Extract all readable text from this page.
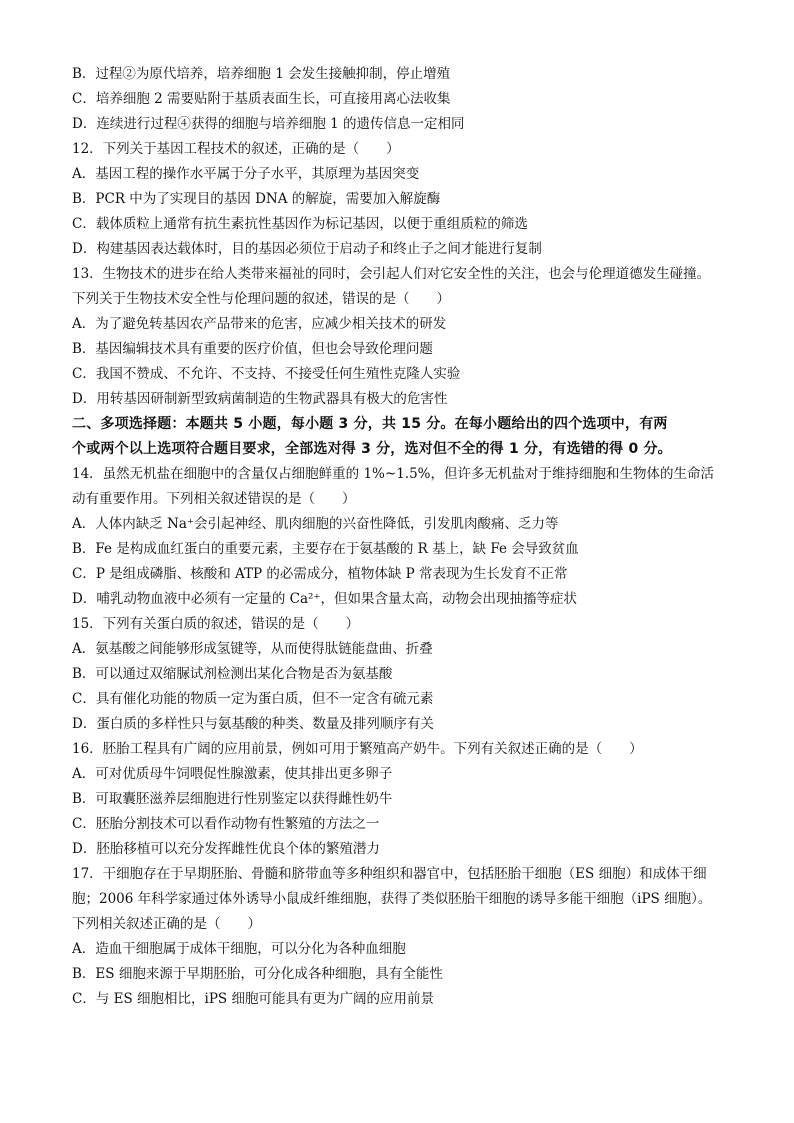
B．过程②为原代培养，培养细胞 1 会发生接触抑制，停止增殖
C．培养细胞 2 需要贴附于基质表面生长，可直接用离心法收集
D．连续进行过程④获得的细胞与培养细胞 1 的遗传信息一定相同
12．下列关于基因工程技术的叙述，正确的是（　　）
A．基因工程的操作水平属于分子水平，其原理为基因突变
B．PCR 中为了实现目的基因 DNA 的解旋，需要加入解旋酶
C．载体质粒上通常有抗生素抗性基因作为标记基因，以便于重组质粒的筛选
D．构建基因表达载体时，目的基因必须位于启动子和终止子之间才能进行复制
13．生物技术的进步在给人类带来福祉的同时，会引起人们对它安全性的关注，也会与伦理道德发生碰撞。
下列关于生物技术安全性与伦理问题的叙述，错误的是（　　）
A．为了避免转基因农产品带来的危害，应减少相关技术的研发
B．基因编辑技术具有重要的医疗价值，但也会导致伦理问题
C．我国不赞成、不允许、不支持、不接受任何生殖性克隆人实验
D．用转基因研制新型致病菌制造的生物武器具有极大的危害性
二、多项选择题：本题共 5 小题，每小题 3 分，共 15 分。在每小题给出的四个选项中，有两
个或两个以上选项符合题目要求，全部选对得 3 分，选对但不全的得 1 分，有选错的得 0 分。
14．虽然无机盐在细胞中的含量仅占细胞鲜重的 1%~1.5%，但许多无机盐对于维持细胞和生物体的生命活
动有重要作用。下列相关叙述错误的是（　　）
A．人体内缺乏 Na⁺会引起神经、肌肉细胞的兴奋性降低，引发肌肉酸痛、乏力等
B．Fe 是构成血红蛋白的重要元素，主要存在于氨基酸的 R 基上，缺 Fe 会导致贫血
C．P 是组成磷脂、核酸和 ATP 的必需成分，植物体缺 P 常表现为生长发育不正常
D．哺乳动物血液中必须有一定量的 Ca²⁺，但如果含量太高，动物会出现抽搐等症状
15．下列有关蛋白质的叙述，错误的是（　　）
A．氨基酸之间能够形成氢键等，从而使得肽链能盘曲、折叠
B．可以通过双缩脲试剂检测出某化合物是否为氨基酸
C．具有催化功能的物质一定为蛋白质，但不一定含有硫元素
D．蛋白质的多样性只与氨基酸的种类、数量及排列顺序有关
16．胚胎工程具有广阔的应用前景，例如可用于繁殖高产奶牛。下列有关叙述正确的是（　　）
A．可对优质母牛饲喂促性腺激素，使其排出更多卵子
B．可取囊胚滋养层细胞进行性别鉴定以获得雌性奶牛
C．胚胎分割技术可以看作动物有性繁殖的方法之一
D．胚胎移植可以充分发挥雌性优良个体的繁殖潜力
17．干细胞存在于早期胚胎、骨髓和脐带血等多种组织和器官中，包括胚胎干细胞（ES 细胞）和成体干细
胞；2006 年科学家通过体外诱导小鼠成纤维细胞，获得了类似胚胎干细胞的诱导多能干细胞（iPS 细胞）。
下列相关叙述正确的是（　　）
A．造血干细胞属于成体干细胞，可以分化为各种血细胞
B．ES 细胞来源于早期胚胎，可分化成各种细胞，具有全能性
C．与 ES 细胞相比，iPS 细胞可能具有更为广阔的应用前景
